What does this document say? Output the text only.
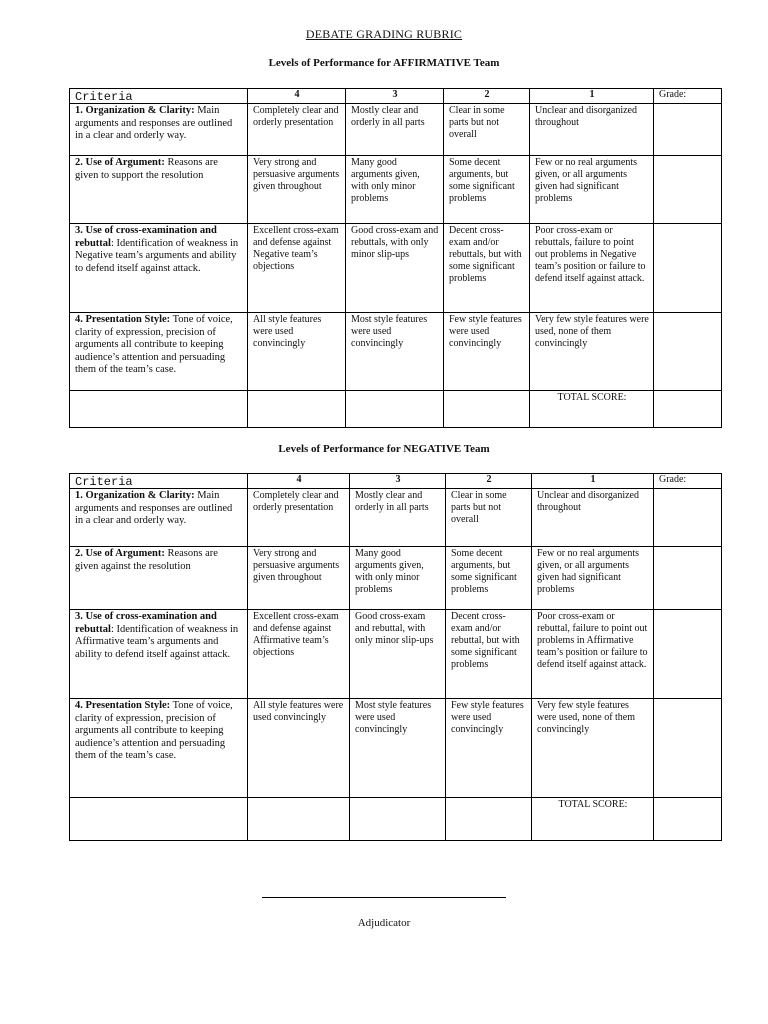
DEBATE GRADING RUBRIC
Levels of Performance for AFFIRMATIVE Team
Criteria	4	3	2	1	Grade:
1. Organization & Clarity: Main arguments and responses are outlined in a clear and orderly way.	Completely clear and orderly presentation	Mostly clear and orderly in all parts	Clear in some parts but not overall	Unclear and disorganized throughout	
2. Use of Argument: Reasons are given to support the resolution	Very strong and persuasive arguments given throughout	Many good arguments given, with only minor problems	Some decent arguments, but some significant problems	Few or no real arguments given, or all arguments given had significant problems	
3. Use of cross-examination and rebuttal: Identification of weakness in Negative team’s arguments and ability to defend itself against attack.	Excellent cross-exam and defense against Negative team’s objections	Good cross-exam and rebuttals, with only minor slip-ups	Decent cross-exam and/or rebuttals, but with some significant problems	Poor cross-exam or rebuttals, failure to point out problems in Negative team’s position or failure to defend itself against attack.	
4. Presentation Style: Tone of voice, clarity of expression, precision of arguments all contribute to keeping audience’s attention and persuading them of the team’s case.	All style features were used convincingly	Most style features were used convincingly	Few style features were used convincingly	Very few style features were used, none of them convincingly	

				TOTAL SCORE:	

Levels of Performance for NEGATIVE Team
Criteria	4	3	2	1	Grade:
1. Organization & Clarity: Main arguments and responses are outlined in a clear and orderly way.	Completely clear and orderly presentation	Mostly clear and orderly in all parts	Clear in some parts but not overall	Unclear and disorganized throughout	
2. Use of Argument: Reasons are given against the resolution	Very strong and persuasive arguments given throughout	Many good arguments given, with only minor problems	Some decent arguments, but some significant problems	Few or no real arguments given, or all arguments given had significant problems	
3. Use of cross-examination and rebuttal: Identification of weakness in Affirmative team’s arguments and ability to defend itself against attack.	Excellent cross-exam and defense against Affirmative team’s objections	Good cross-exam and rebuttal, with only minor slip-ups	Decent cross-exam and/or rebuttal, but with some significant problems	Poor cross-exam or rebuttal, failure to point out problems in Affirmative team’s position or failure to defend itself against attack.	
4. Presentation Style: Tone of voice, clarity of expression, precision of arguments all contribute to keeping audience’s attention and persuading them of the team’s case.	All style features were used convincingly	Most style features were used convincingly	Few style features were used convincingly	Very few style features were used, none of them convincingly	

				TOTAL SCORE:	

Adjudicator
